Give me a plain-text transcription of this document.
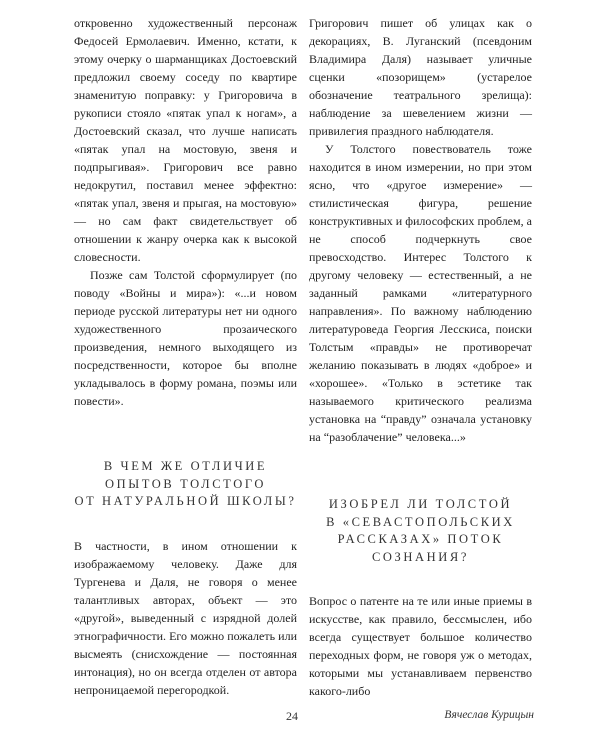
откровенно художественный персонаж Федосей Ермолаевич. Именно, кстати, к этому очерку о шарманщиках Достоевский предложил своему соседу по квартире знаменитую поправку: у Григоровича в рукописи стояло «пятак упал к ногам», а Достоевский сказал, что лучше написать «пятак упал на мостовую, звеня и подпрыгивая». Григорович все равно недокрутил, поставил менее эффектно: «пятак упал, звеня и прыгая, на мостовую» — но сам факт свидетельствует об отношении к жанру очерка как к высокой словесности.

Позже сам Толстой сформулирует (по поводу «Войны и мира»): «...и новом периоде русской литературы нет ни одного художественного прозаического произведения, немного выходящего из посредственности, которое бы вполне укладывалось в форму романа, поэмы или повести».

В ЧЕМ ЖЕ ОТЛИЧИЕ
ОПЫТОВ ТОЛСТОГО
ОТ НАТУРАЛЬНОЙ ШКОЛЫ?

В частности, в ином отношении к изображаемому человеку. Даже для Тургенева и Даля, не говоря о менее талантливых авторах, объект — это «другой», выведенный с изрядной долей этнографичности. Его можно пожалеть или высмеять (снисхождение — постоянная интонация), но он всегда отделен от автора непроницаемой перегородкой.

Григорович пишет об улицах как о декорациях, В. Луганский (псевдоним Владимира Даля) называет уличные сценки «позорищем» (устарелое обозначение театрального зрелища): наблюдение за шевелением жизни — привилегия праздного наблюдателя.

У Толстого повествователь тоже находится в ином измерении, но при этом ясно, что «другое измерение» — стилистическая фигура, решение конструктивных и философских проблем, а не способ подчеркнуть свое превосходство. Интерес Толстого к другому человеку — естественный, а не заданный рамками «литературного направления». По важному наблюдению литературоведа Георгия Лесскиса, поиски Толстым «правды» не противоречат желанию показывать в людях «доброе» и «хорошее». «Только в эстетике так называемого критического реализма установка на “правду” означала установку на “разоблачение” человека...»

ИЗОБРЕЛ ЛИ ТОЛСТОЙ
В «СЕВАСТОПОЛЬСКИХ
РАССКАЗАХ» ПОТОК
СОЗНАНИЯ?

Вопрос о патенте на те или иные приемы в искусстве, как правило, бессмыслен, ибо всегда существует большое количество переходных форм, не говоря уж о методах, которыми мы устанавливаем первенство какого-либо

24	Вячеслав Курицын
